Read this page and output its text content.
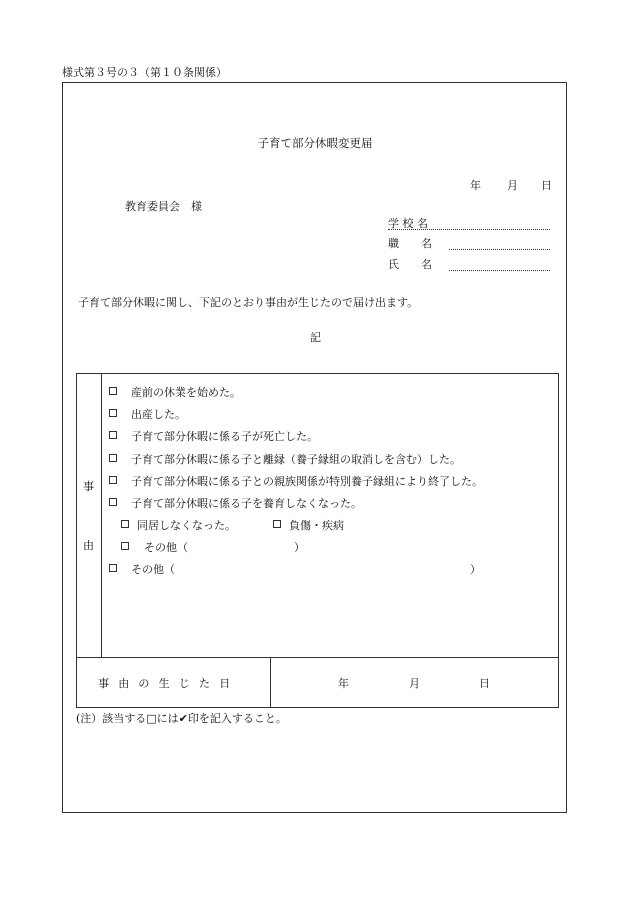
様式第３号の３（第１０条関係）
子育て部分休暇変更届
年 月 日
教育委員会　様
学 校 名
職　　名
氏　　名
子育て部分休暇に関し、下記のとおり事由が生じたので届け出ます。
記
事
由
産前の休業を始めた。
出産した。
子育て部分休暇に係る子が死亡した。
子育て部分休暇に係る子と離縁（養子縁組の取消しを含む）した。
子育て部分休暇に係る子との親族関係が特別養子縁組により終了した。
子育て部分休暇に係る子を養育しなくなった。
同居しなくなった。	負傷・疾病
その他（	）
その他（	）
事由の生じた日	年	月	日
(注）該当する□には✔印を記入すること。
